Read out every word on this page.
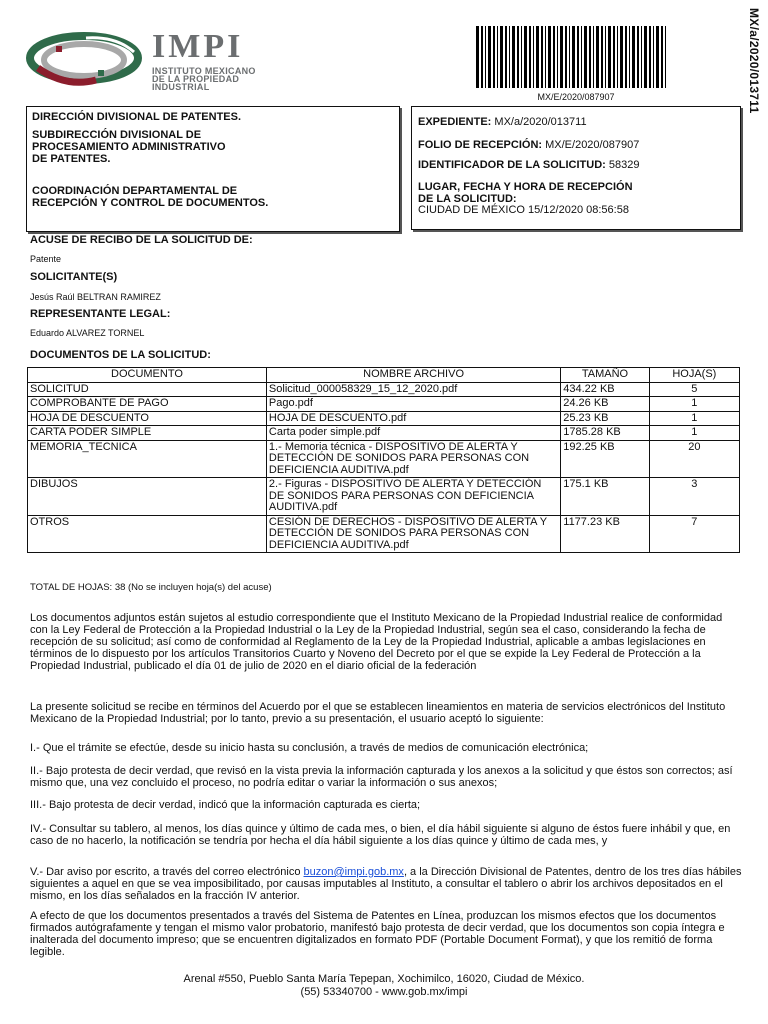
IMPI
INSTITUTO MEXICANO
DE LA PROPIEDAD
INDUSTRIAL
MX/E/2020/087907	MX/a/2020/013711

DIRECCIÓN DIVISIONAL DE PATENTES.

SUBDIRECCIÓN DIVISIONAL DE

PROCESAMIENTO ADMINISTRATIVO

DE PATENTES.

COORDINACIÓN DEPARTAMENTAL DE

RECEPCIÓN Y CONTROL DE DOCUMENTOS.

EXPEDIENTE: MX/a/2020/013711

FOLIO DE RECEPCIÓN: MX/E/2020/087907

IDENTIFICADOR DE LA SOLICITUD: 58329

LUGAR, FECHA Y HORA DE RECEPCIÓN

DE LA SOLICITUD:

CIUDAD DE MÉXICO 15/12/2020 08:56:58

ACUSE DE RECIBO DE LA SOLICITUD DE:
Patente
SOLICITANTE(S)
Jesús Raúl BELTRAN RAMIREZ
REPRESENTANTE LEGAL:
Eduardo ALVAREZ TORNEL
DOCUMENTOS DE LA SOLICITUD:
DOCUMENTO	NOMBRE ARCHIVO	TAMAÑO	HOJA(S)
SOLICITUD	Solicitud_000058329_15_12_2020.pdf	434.22 KB	5
COMPROBANTE DE PAGO	Pago.pdf	24.26 KB	1
HOJA DE DESCUENTO	HOJA DE DESCUENTO.pdf	25.23 KB	1
CARTA PODER SIMPLE	Carta poder simple.pdf	1785.28 KB	1
MEMORIA_TECNICA	1.- Memoria técnica - DISPOSITIVO DE ALERTA Y DETECCIÓN DE SONIDOS PARA PERSONAS CON DEFICIENCIA AUDITIVA.pdf	192.25 KB	20
DIBUJOS	2.- Figuras - DISPOSITIVO DE ALERTA Y DETECCIÓN DE SONIDOS PARA PERSONAS CON DEFICIENCIA AUDITIVA.pdf	175.1 KB	3
OTROS	CESIÓN DE DERECHOS - DISPOSITIVO DE ALERTA Y DETECCIÓN DE SONIDOS PARA PERSONAS CON DEFICIENCIA AUDITIVA.pdf	1177.23 KB	7
TOTAL DE HOJAS: 38 (No se incluyen hoja(s) del acuse)
Los documentos adjuntos están sujetos al estudio correspondiente que el Instituto Mexicano de la Propiedad Industrial realice de conformidad con la Ley Federal de Protección a la Propiedad Industrial o la Ley de la Propiedad Industrial, según sea el caso, considerando la fecha de recepción de su solicitud; así como de conformidad al Reglamento de la Ley de la Propiedad Industrial, aplicable a ambas legislaciones en términos de lo dispuesto por los artículos Transitorios Cuarto y Noveno del Decreto por el que se expide la Ley Federal de Protección a la Propiedad Industrial, publicado el día 01 de julio de 2020 en el diario oficial de la federación
La presente solicitud se recibe en términos del Acuerdo por el que se establecen lineamientos en materia de servicios electrónicos del Instituto Mexicano de la Propiedad Industrial; por lo tanto, previo a su presentación, el usuario aceptó lo siguiente:
I.- Que el trámite se efectúe, desde su inicio hasta su conclusión, a través de medios de comunicación electrónica;
II.- Bajo protesta de decir verdad, que revisó en la vista previa la información capturada y los anexos a la solicitud y que éstos son correctos; así mismo que, una vez concluido el proceso, no podría editar o variar la información o sus anexos;
III.- Bajo protesta de decir verdad, indicó que la información capturada es cierta;
IV.- Consultar su tablero, al menos, los días quince y último de cada mes, o bien, el día hábil siguiente si alguno de éstos fuere inhábil y que, en caso de no hacerlo, la notificación se tendría por hecha el día hábil siguiente a los días quince y último de cada mes, y
V.- Dar aviso por escrito, a través del correo electrónico buzon@impi.gob.mx, a la Dirección Divisional de Patentes, dentro de los tres días hábiles siguientes a aquel en que se vea imposibilitado, por causas imputables al Instituto, a consultar el tablero o abrir los archivos depositados en el mismo, en los días señalados en la fracción IV anterior.
A efecto de que los documentos presentados a través del Sistema de Patentes en Línea, produzcan los mismos efectos que los documentos firmados autógrafamente y tengan el mismo valor probatorio, manifestó bajo protesta de decir verdad, que los documentos son copia íntegra e inalterada del documento impreso; que se encuentren digitalizados en formato PDF (Portable Document Format), y que los remitió de forma legible.
Arenal #550, Pueblo Santa María Tepepan, Xochimilco, 16020, Ciudad de México.
(55) 53340700 - www.gob.mx/impi
